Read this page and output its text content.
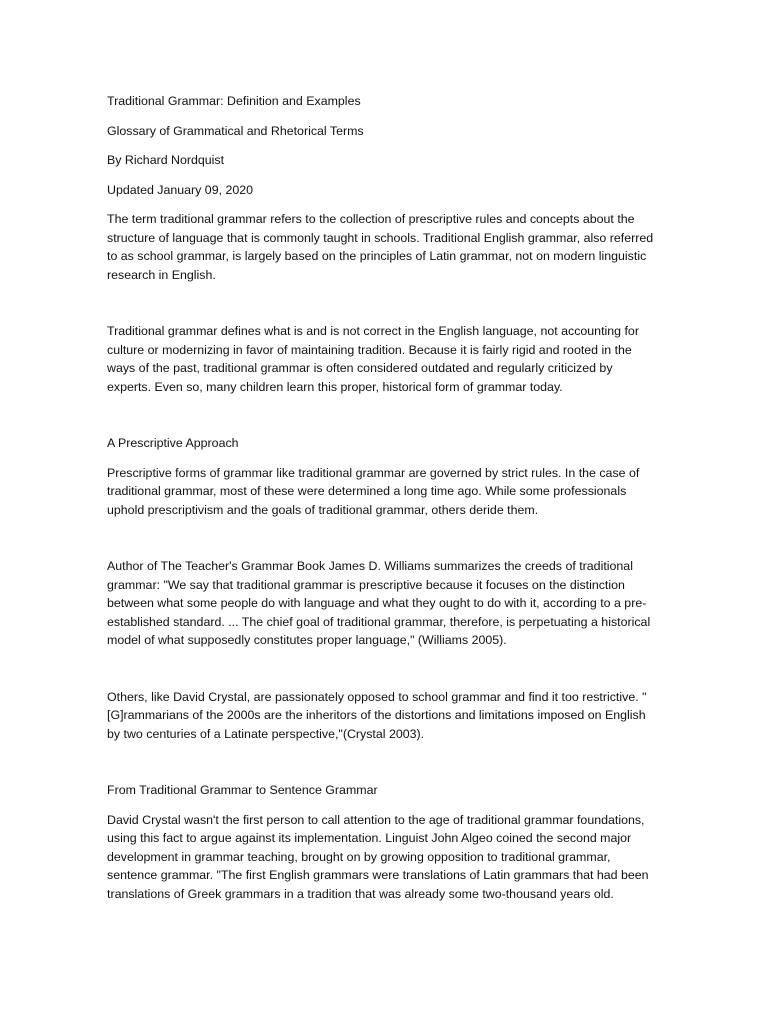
Traditional Grammar: Definition and Examples
Glossary of Grammatical and Rhetorical Terms
By Richard Nordquist
Updated January 09, 2020
The term traditional grammar refers to the collection of prescriptive rules and concepts about the structure of language that is commonly taught in schools. Traditional English grammar, also referred to as school grammar, is largely based on the principles of Latin grammar, not on modern linguistic research in English.
Traditional grammar defines what is and is not correct in the English language, not accounting for culture or modernizing in favor of maintaining tradition. Because it is fairly rigid and rooted in the ways of the past, traditional grammar is often considered outdated and regularly criticized by experts. Even so, many children learn this proper, historical form of grammar today.
A Prescriptive Approach
Prescriptive forms of grammar like traditional grammar are governed by strict rules. In the case of traditional grammar, most of these were determined a long time ago. While some professionals uphold prescriptivism and the goals of traditional grammar, others deride them.
Author of The Teacher's Grammar Book James D. Williams summarizes the creeds of traditional grammar: "We say that traditional grammar is prescriptive because it focuses on the distinction between what some people do with language and what they ought to do with it, according to a pre-established standard. ... The chief goal of traditional grammar, therefore, is perpetuating a historical model of what supposedly constitutes proper language," (Williams 2005).
Others, like David Crystal, are passionately opposed to school grammar and find it too restrictive. "[G]rammarians of the 2000s are the inheritors of the distortions and limitations imposed on English by two centuries of a Latinate perspective,"(Crystal 2003).
From Traditional Grammar to Sentence Grammar
David Crystal wasn't the first person to call attention to the age of traditional grammar foundations, using this fact to argue against its implementation. Linguist John Algeo coined the second major development in grammar teaching, brought on by growing opposition to traditional grammar, sentence grammar. "The first English grammars were translations of Latin grammars that had been translations of Greek grammars in a tradition that was already some two-thousand years old.
